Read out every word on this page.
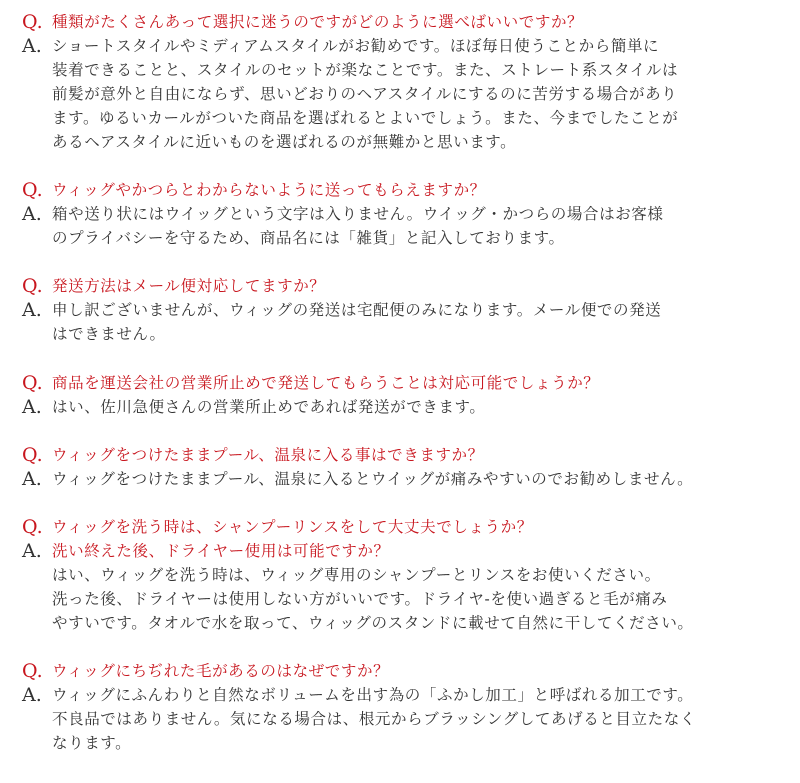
Q. 種類がたくさんあって選択に迷うのですがどのように選べばいいですか？
A. ショートスタイルやミディアムスタイルがお勧めです。ほぼ毎日使うことから簡単に
装着できることと、スタイルのセットが楽なことです。また、ストレート系スタイルは
前髪が意外と自由にならず、思いどおりのヘアスタイルにするのに苦労する場合があり
ます。ゆるいカールがついた商品を選ばれるとよいでしょう。また、今までしたことが
あるヘアスタイルに近いものを選ばれるのが無難かと思います。
Q. ウィッグやかつらとわからないように送ってもらえますか？
A. 箱や送り状にはウイッグという文字は入りません。ウイッグ・かつらの場合はお客様
のプライバシーを守るため、商品名には「雑貨」と記入しております。
Q. 発送方法はメール便対応してますか？
A. 申し訳ございませんが、ウィッグの発送は宅配便のみになります。メール便での発送
はできません。
Q. 商品を運送会社の営業所止めで発送してもらうことは対応可能でしょうか？
A. はい、佐川急便さんの営業所止めであれば発送ができます。
Q. ウィッグをつけたままプール、温泉に入る事はできますか？
A. ウィッグをつけたままプール、温泉に入るとウイッグが痛みやすいのでお勧めしません。
Q. ウィッグを洗う時は、シャンプーリンスをして大丈夫でしょうか？
A. 洗い終えた後、ドライヤー使用は可能ですか？
はい、ウィッグを洗う時は、ウィッグ専用のシャンプーとリンスをお使いください。
洗った後、ドライヤーは使用しない方がいいです。ドライヤ-を使い過ぎると毛が痛み
やすいです。タオルで水を取って、ウィッグのスタンドに載せて自然に干してください。
Q. ウィッグにちぢれた毛があるのはなぜですか？
A. ウィッグにふんわりと自然なボリュームを出す為の「ふかし加工」と呼ばれる加工です。
不良品ではありません。気になる場合は、根元からブラッシングしてあげると目立たなく
なります。
